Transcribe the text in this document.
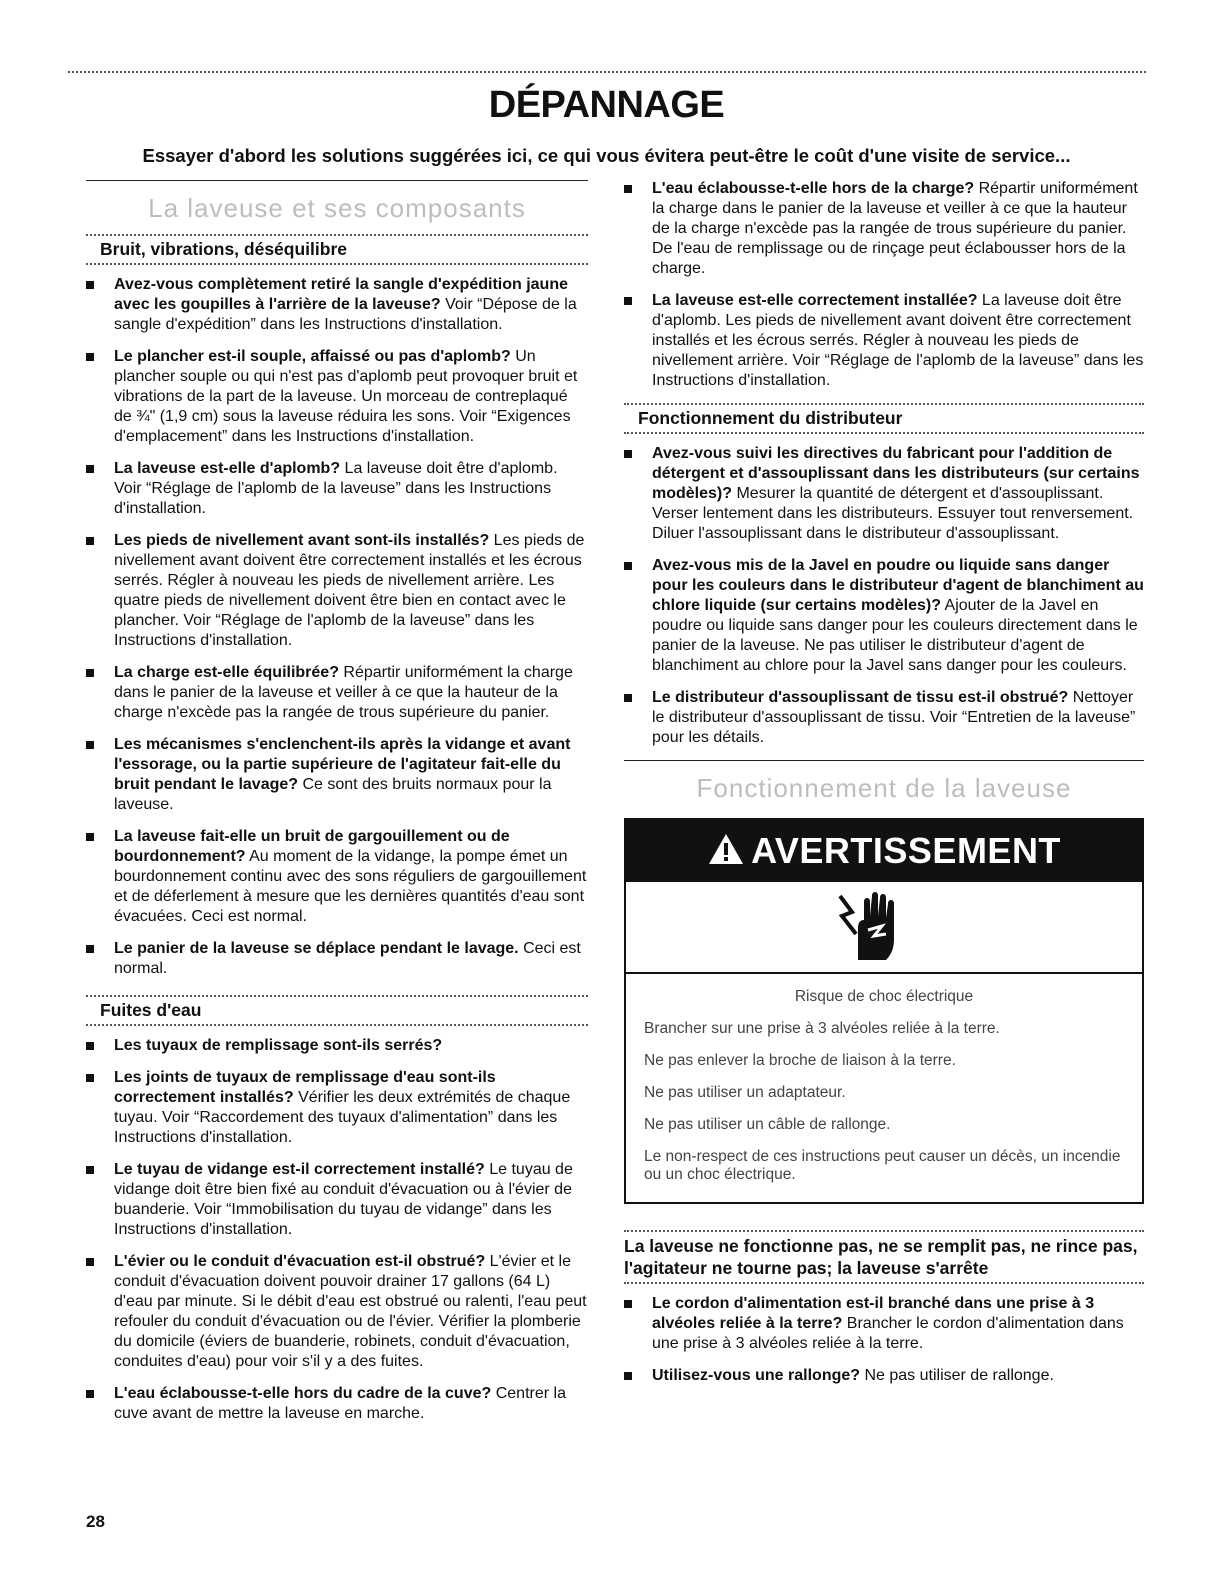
DÉPANNAGE

Essayer d'abord les solutions suggérées ici, ce qui vous évitera peut-être le coût d'une visite de service...

La laveuse et ses composants
Bruit, vibrations, déséquilibre
Avez-vous complètement retiré la sangle d'expédition jaune avec les goupilles à l'arrière de la laveuse? Voir “Dépose de la sangle d'expédition” dans les Instructions d'installation.
Le plancher est-il souple, affaissé ou pas d'aplomb? Un plancher souple ou qui n'est pas d'aplomb peut provoquer bruit et vibrations de la part de la laveuse. Un morceau de contreplaqué de ¾" (1,9 cm) sous la laveuse réduira les sons. Voir “Exigences d'emplacement” dans les Instructions d'installation.
La laveuse est-elle d'aplomb? La laveuse doit être d'aplomb. Voir “Réglage de l'aplomb de la laveuse” dans les Instructions d'installation.
Les pieds de nivellement avant sont-ils installés? Les pieds de nivellement avant doivent être correctement installés et les écrous serrés. Régler à nouveau les pieds de nivellement arrière. Les quatre pieds de nivellement doivent être bien en contact avec le plancher. Voir “Réglage de l'aplomb de la laveuse” dans les Instructions d'installation.
La charge est-elle équilibrée? Répartir uniformément la charge dans le panier de la laveuse et veiller à ce que la hauteur de la charge n'excède pas la rangée de trous supérieure du panier.
Les mécanismes s'enclenchent-ils après la vidange et avant l'essorage, ou la partie supérieure de l'agitateur fait-elle du bruit pendant le lavage? Ce sont des bruits normaux pour la laveuse.
La laveuse fait-elle un bruit de gargouillement ou de bourdonnement? Au moment de la vidange, la pompe émet un bourdonnement continu avec des sons réguliers de gargouillement et de déferlement à mesure que les dernières quantités d'eau sont évacuées. Ceci est normal.
Le panier de la laveuse se déplace pendant le lavage. Ceci est normal.
Fuites d'eau
Les tuyaux de remplissage sont-ils serrés?
Les joints de tuyaux de remplissage d'eau sont-ils correctement installés? Vérifier les deux extrémités de chaque tuyau. Voir “Raccordement des tuyaux d'alimentation” dans les Instructions d'installation.
Le tuyau de vidange est-il correctement installé? Le tuyau de vidange doit être bien fixé au conduit d'évacuation ou à l'évier de buanderie. Voir “Immobilisation du tuyau de vidange” dans les Instructions d'installation.
L'évier ou le conduit d'évacuation est-il obstrué? L'évier et le conduit d'évacuation doivent pouvoir drainer 17 gallons (64 L) d'eau par minute. Si le débit d'eau est obstrué ou ralenti, l'eau peut refouler du conduit d'évacuation ou de l'évier. Vérifier la plomberie du domicile (éviers de buanderie, robinets, conduit d'évacuation, conduites d'eau) pour voir s'il y a des fuites.
L'eau éclabousse-t-elle hors du cadre de la cuve? Centrer la cuve avant de mettre la laveuse en marche.
L'eau éclabousse-t-elle hors de la charge? Répartir uniformément la charge dans le panier de la laveuse et veiller à ce que la hauteur de la charge n'excède pas la rangée de trous supérieure du panier. De l'eau de remplissage ou de rinçage peut éclabousser hors de la charge.
La laveuse est-elle correctement installée? La laveuse doit être d'aplomb. Les pieds de nivellement avant doivent être correctement installés et les écrous serrés. Régler à nouveau les pieds de nivellement arrière. Voir “Réglage de l'aplomb de la laveuse” dans les Instructions d'installation.
Fonctionnement du distributeur
Avez-vous suivi les directives du fabricant pour l'addition de détergent et d'assouplissant dans les distributeurs (sur certains modèles)? Mesurer la quantité de détergent et d'assouplissant. Verser lentement dans les distributeurs. Essuyer tout renversement. Diluer l'assouplissant dans le distributeur d'assouplissant.
Avez-vous mis de la Javel en poudre ou liquide sans danger pour les couleurs dans le distributeur d'agent de blanchiment au chlore liquide (sur certains modèles)? Ajouter de la Javel en poudre ou liquide sans danger pour les couleurs directement dans le panier de la laveuse. Ne pas utiliser le distributeur d'agent de blanchiment au chlore pour la Javel sans danger pour les couleurs.
Le distributeur d'assouplissant de tissu est-il obstrué? Nettoyer le distributeur d'assouplissant de tissu. Voir “Entretien de la laveuse” pour les détails.
Fonctionnement de la laveuse
AVERTISSEMENT
Risque de choc électrique
Brancher sur une prise à 3 alvéoles reliée à la terre.
Ne pas enlever la broche de liaison à la terre.
Ne pas utiliser un adaptateur.
Ne pas utiliser un câble de rallonge.
Le non-respect de ces instructions peut causer un décès, un incendie ou un choc électrique.
La laveuse ne fonctionne pas, ne se remplit pas, ne rince pas, l'agitateur ne tourne pas; la laveuse s'arrête
Le cordon d'alimentation est-il branché dans une prise à 3 alvéoles reliée à la terre? Brancher le cordon d'alimentation dans une prise à 3 alvéoles reliée à la terre.
Utilisez-vous une rallonge? Ne pas utiliser de rallonge.
28
